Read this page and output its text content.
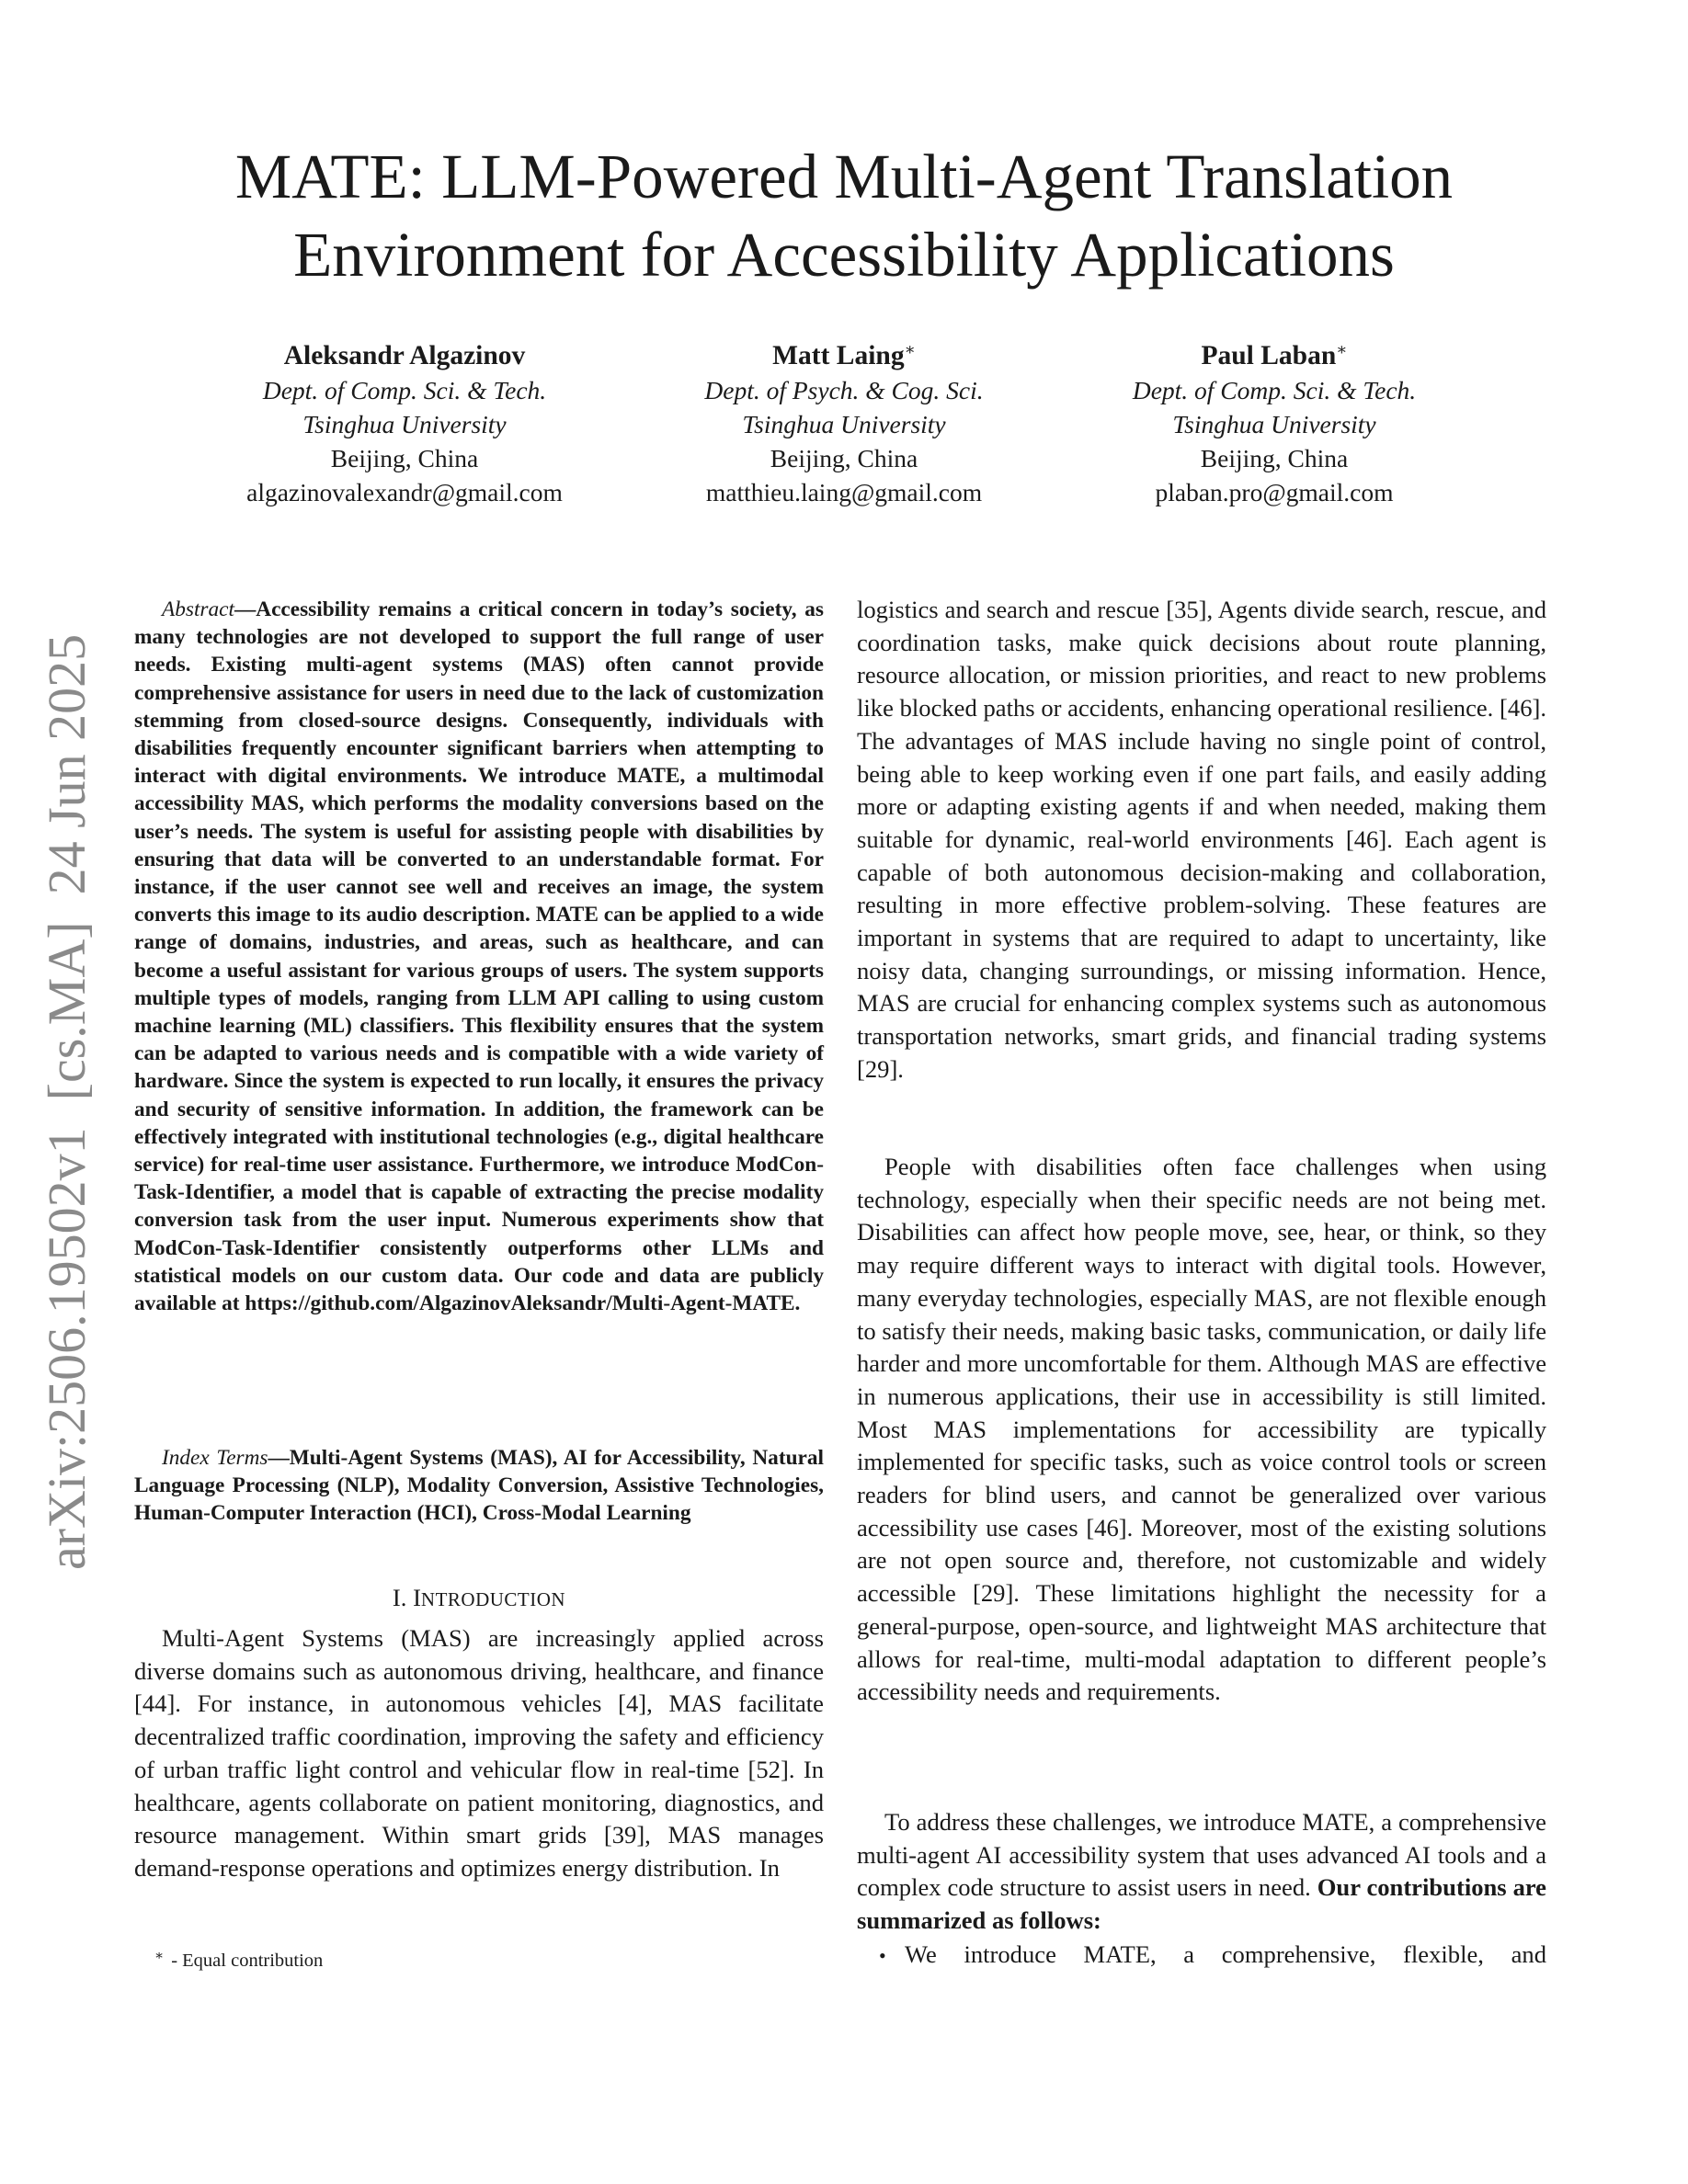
arXiv:2506.19502v1  [cs.MA]  24 Jun 2025
MATE: LLM-Powered Multi-Agent Translation Environment for Accessibility Applications
Aleksandr Algazinov
Dept. of Comp. Sci. & Tech.
Tsinghua University
Beijing, China
algazinovalexandr@gmail.com
Matt Laing∗
Dept. of Psych. & Cog. Sci.
Tsinghua University
Beijing, China
matthieu.laing@gmail.com
Paul Laban∗
Dept. of Comp. Sci. & Tech.
Tsinghua University
Beijing, China
plaban.pro@gmail.com
Abstract—Accessibility remains a critical concern in today’s society, as many technologies are not developed to support the full range of user needs. Existing multi-agent systems (MAS) often cannot provide comprehensive assistance for users in need due to the lack of customization stemming from closed-source designs. Consequently, individuals with disabilities frequently encounter significant barriers when attempting to interact with digital environments. We introduce MATE, a multimodal accessibility MAS, which performs the modality conversions based on the user’s needs. The system is useful for assisting people with disabilities by ensuring that data will be converted to an understandable format. For instance, if the user cannot see well and receives an image, the system converts this image to its audio description. MATE can be applied to a wide range of domains, industries, and areas, such as healthcare, and can become a useful assistant for various groups of users. The system supports multiple types of models, ranging from LLM API calling to using custom machine learning (ML) classifiers. This flexibility ensures that the system can be adapted to various needs and is compatible with a wide variety of hardware. Since the system is expected to run locally, it ensures the privacy and security of sensitive information. In addition, the framework can be effectively integrated with institutional technologies (e.g., digital healthcare service) for real-time user assistance. Furthermore, we introduce ModCon-Task-Identifier, a model that is capable of extracting the precise modality conversion task from the user input. Numerous experiments show that ModCon-Task-Identifier consistently outperforms other LLMs and statistical models on our custom data. Our code and data are publicly available at https://github.com/AlgazinovAleksandr/Multi-Agent-MATE.
Index Terms—Multi-Agent Systems (MAS), AI for Accessibility, Natural Language Processing (NLP), Modality Conversion, Assistive Technologies, Human-Computer Interaction (HCI), Cross-Modal Learning
I. INTRODUCTION
Multi-Agent Systems (MAS) are increasingly applied across diverse domains such as autonomous driving, healthcare, and finance [44]. For instance, in autonomous vehicles [4], MAS facilitate decentralized traffic coordination, improving the safety and efficiency of urban traffic light control and vehicular flow in real-time [52]. In healthcare, agents collaborate on patient monitoring, diagnostics, and resource management. Within smart grids [39], MAS manages demand-response operations and optimizes energy distribution. In
∗ - Equal contribution
logistics and search and rescue [35], Agents divide search, rescue, and coordination tasks, make quick decisions about route planning, resource allocation, or mission priorities, and react to new problems like blocked paths or accidents, enhancing operational resilience. [46]. The advantages of MAS include having no single point of control, being able to keep working even if one part fails, and easily adding more or adapting existing agents if and when needed, making them suitable for dynamic, real-world environments [46]. Each agent is capable of both autonomous decision-making and collaboration, resulting in more effective problem-solving. These features are important in systems that are required to adapt to uncertainty, like noisy data, changing surroundings, or missing information. Hence, MAS are crucial for enhancing complex systems such as autonomous transportation networks, smart grids, and financial trading systems [29].
People with disabilities often face challenges when using technology, especially when their specific needs are not being met. Disabilities can affect how people move, see, hear, or think, so they may require different ways to interact with digital tools. However, many everyday technologies, especially MAS, are not flexible enough to satisfy their needs, making basic tasks, communication, or daily life harder and more uncomfortable for them. Although MAS are effective in numerous applications, their use in accessibility is still limited. Most MAS implementations for accessibility are typically implemented for specific tasks, such as voice control tools or screen readers for blind users, and cannot be generalized over various accessibility use cases [46]. Moreover, most of the existing solutions are not open source and, therefore, not customizable and widely accessible [29]. These limitations highlight the necessity for a general-purpose, open-source, and lightweight MAS architecture that allows for real-time, multi-modal adaptation to different people’s accessibility needs and requirements.
To address these challenges, we introduce MATE, a comprehensive multi-agent AI accessibility system that uses advanced AI tools and a complex code structure to assist users in need. Our contributions are summarized as follows:
• We introduce MATE, a comprehensive, flexible, and
